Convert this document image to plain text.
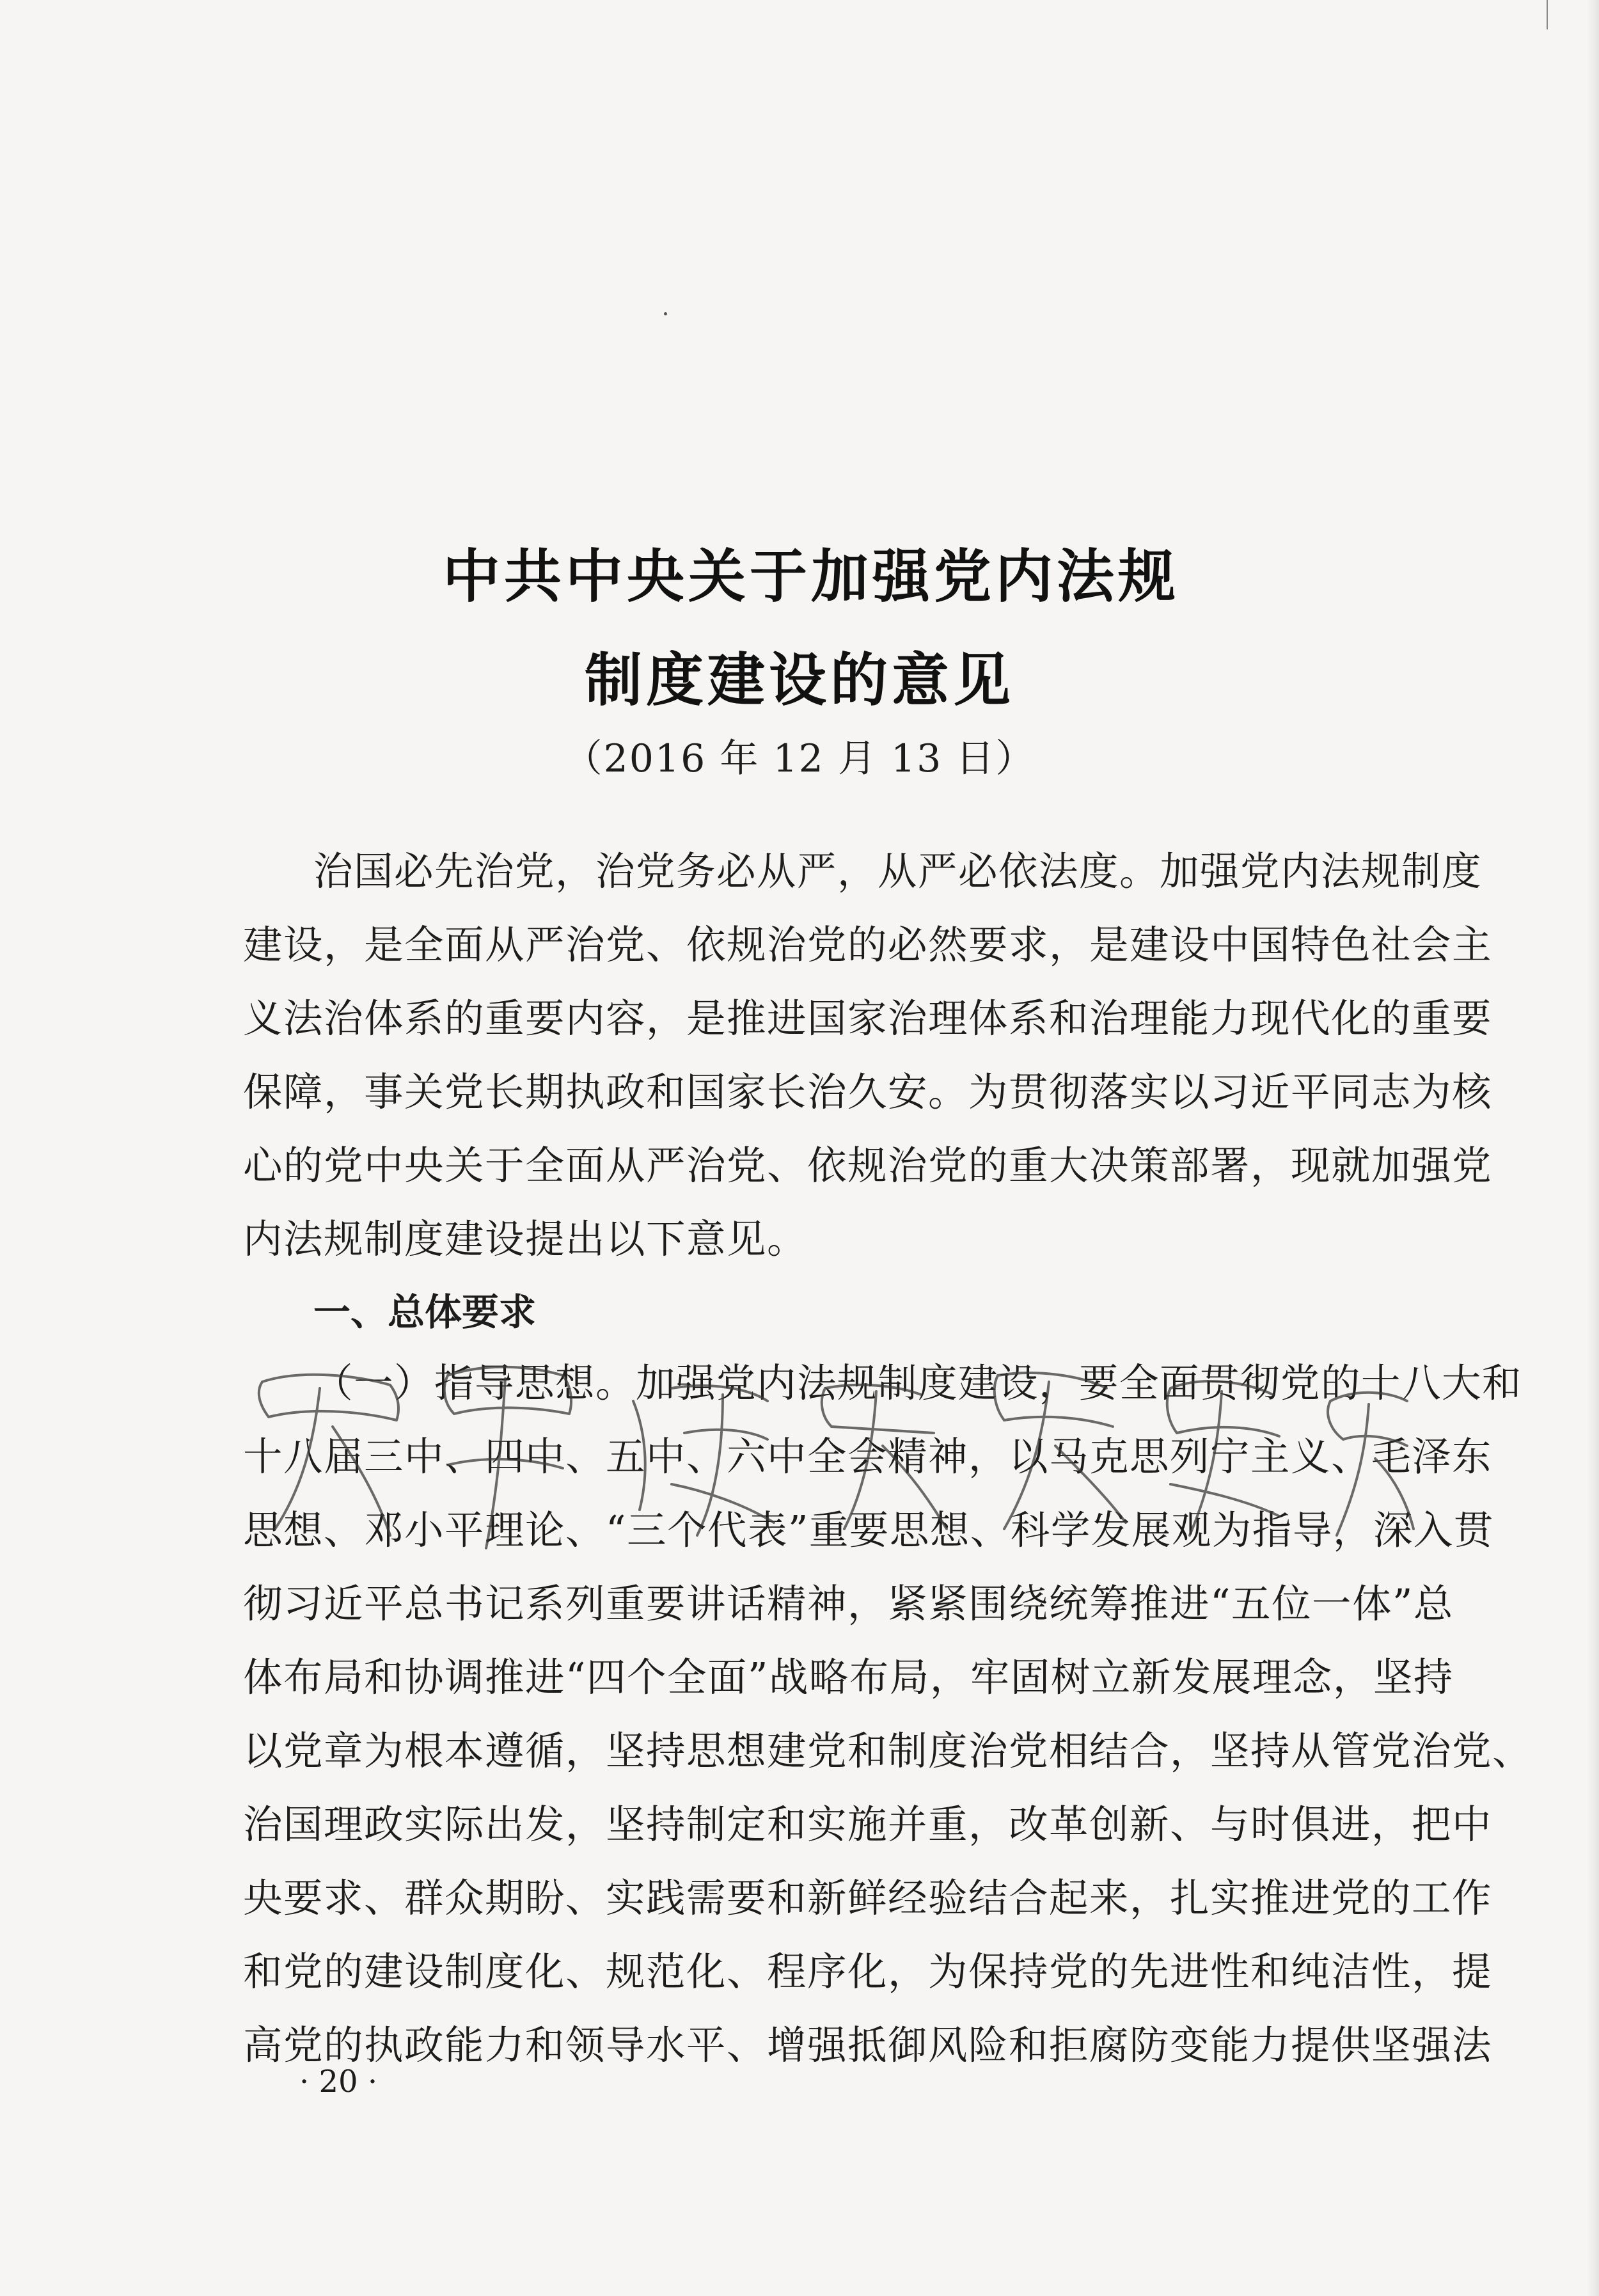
中共中央关于加强党内法规
制度建设的意见
（2016 年 12 月 13 日）
治国必先治党，治党务必从严，从严必依法度。加强党内法规制度
建设，是全面从严治党、依规治党的必然要求，是建设中国特色社会主
义法治体系的重要内容，是推进国家治理体系和治理能力现代化的重要
保障，事关党长期执政和国家长治久安。为贯彻落实以习近平同志为核
心的党中央关于全面从严治党、依规治党的重大决策部署，现就加强党
内法规制度建设提出以下意见。
一、总体要求
（一）指导思想。加强党内法规制度建设，要全面贯彻党的十八大和
十八届三中、四中、五中、六中全会精神，以马克思列宁主义、毛泽东
思想、邓小平理论、“三个代表”重要思想、科学发展观为指导，深入贯
彻习近平总书记系列重要讲话精神，紧紧围绕统筹推进“五位一体”总
体布局和协调推进“四个全面”战略布局，牢固树立新发展理念，坚持
以党章为根本遵循，坚持思想建党和制度治党相结合，坚持从管党治党、
治国理政实际出发，坚持制定和实施并重，改革创新、与时俱进，把中
央要求、群众期盼、实践需要和新鲜经验结合起来，扎实推进党的工作
和党的建设制度化、规范化、程序化，为保持党的先进性和纯洁性，提
高党的执政能力和领导水平、增强抵御风险和拒腐防变能力提供坚强法
· 20 ·
